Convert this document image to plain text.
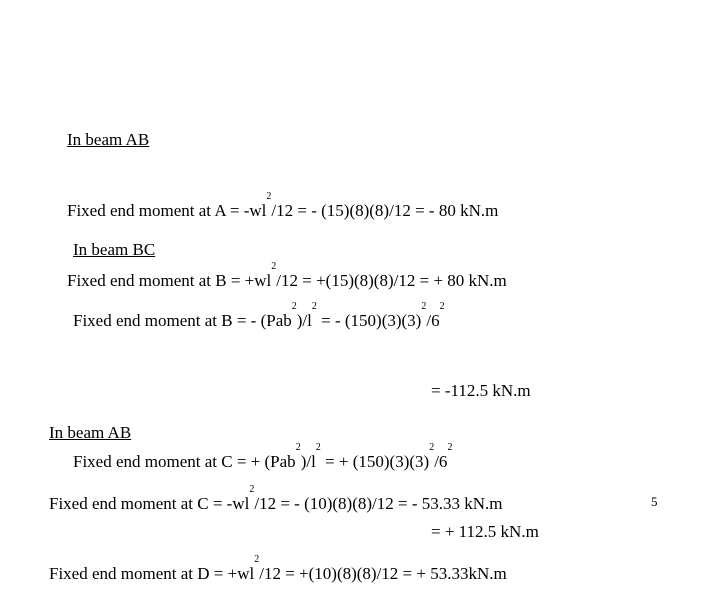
In beam AB

Fixed end moment at $A = -wl^2/12$ = - (15)(8)(8)/12 = - 80 kN.m

Fixed end moment at $B = +wl^2/12 = +(15)(8)(8)/12$ = + 80 kN.m

In beam BC

Fixed end moment at B = - $(Pab^2)/l^2$ = - $(150)(3)(3)^2/6^2$

= -112.5 kN.m

Fixed end moment at C = + $(Pab^2)/l^2$ = + $(150)(3)(3)^2/6^2$

= + 112.5 kN.m

In beam AB

Fixed end moment at $C = -wl^2/12$ = - (10)(8)(8)/12 = - 53.33 kN.m

Fixed end moment at $D = +wl^2/12 = +(10)(8)(8)/12$ = + 53.33kN.m

5
